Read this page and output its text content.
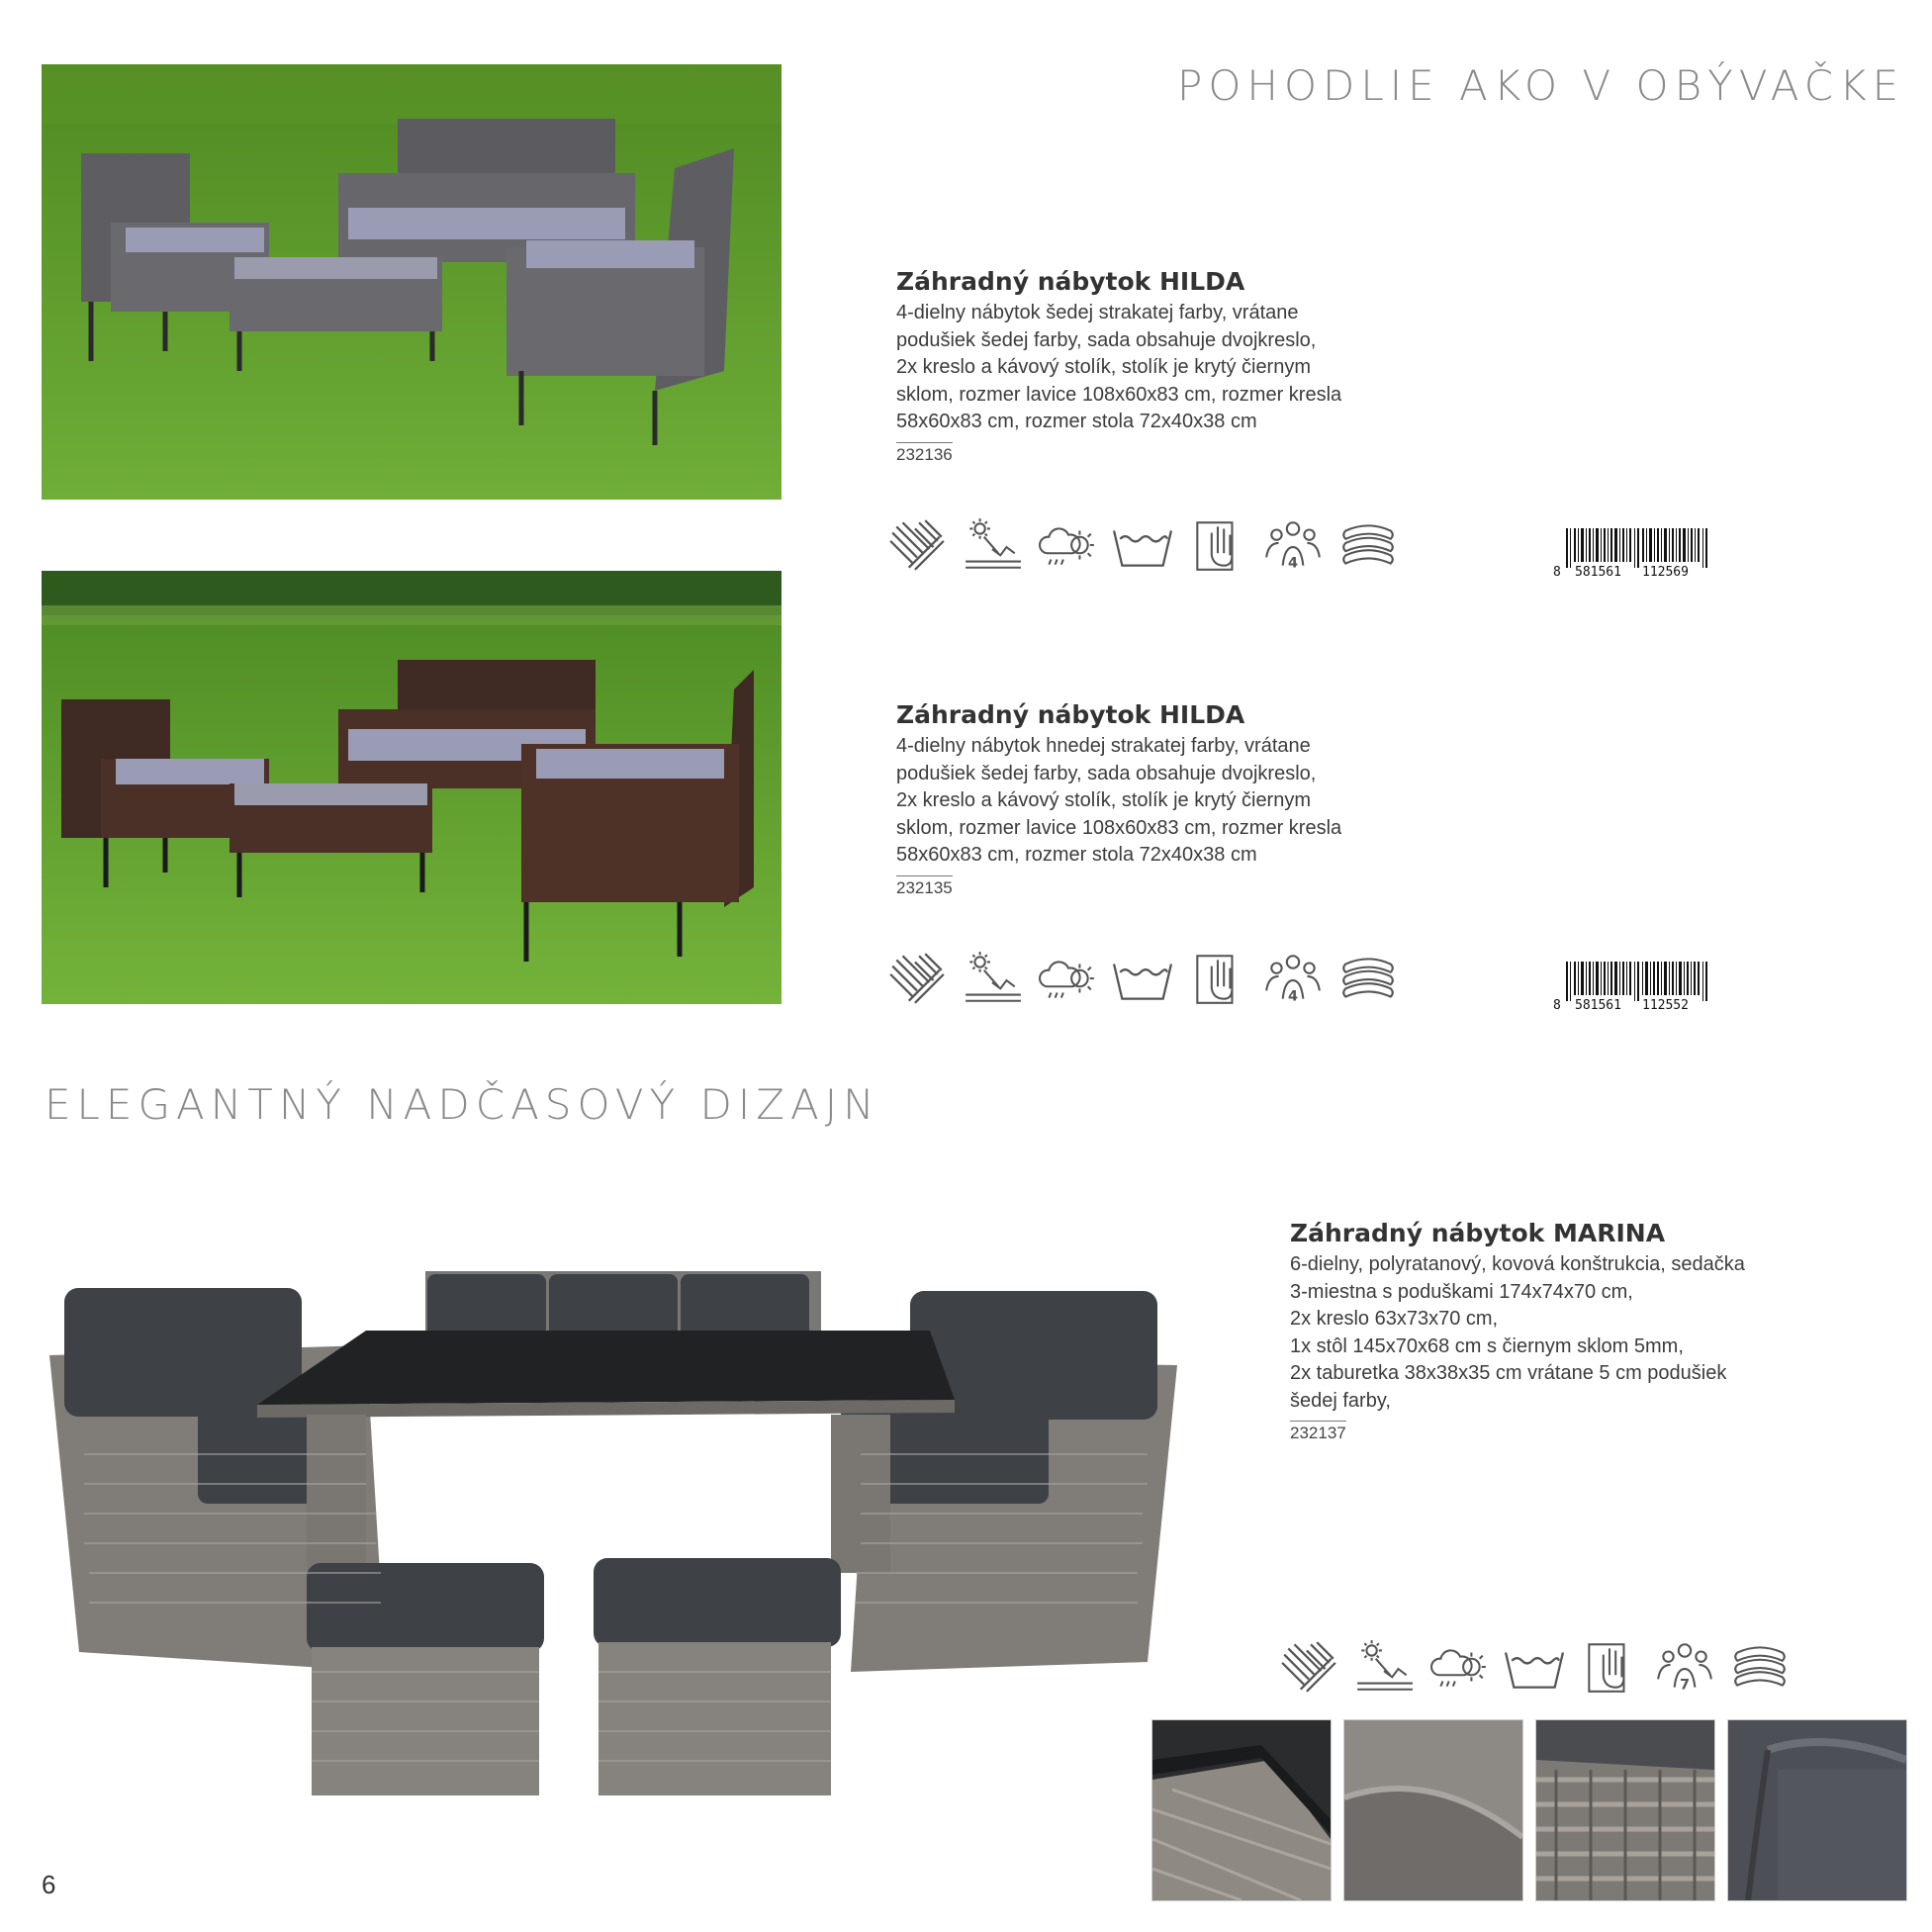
POHODLIE AKO V OBÝVAČKE
Záhradný nábytok HILDA
4-dielny nábytok šedej strakatej farby, vrátane
podušiek šedej farby, sada obsahuje dvojkreslo,
2x kreslo a kávový stolík, stolík je krytý čiernym
sklom, rozmer lavice 108x60x83 cm, rozmer kresla
58x60x83 cm, rozmer stola 72x40x38 cm
232136
4
8 581561 112569
Záhradný nábytok HILDA
4-dielny nábytok hnedej strakatej farby, vrátane
podušiek šedej farby, sada obsahuje dvojkreslo,
2x kreslo a kávový stolík, stolík je krytý čiernym
sklom, rozmer lavice 108x60x83 cm, rozmer kresla
58x60x83 cm, rozmer stola 72x40x38 cm
232135
4
8 581561 112552
ELEGANTNÝ NADČASOVÝ DIZAJN
Záhradný nábytok MARINA
6-dielny, polyratanový, kovová konštrukcia, sedačka
3-miestna s poduškami 174x74x70 cm,
2x kreslo 63x73x70 cm,
1x stôl 145x70x68 cm s čiernym sklom 5mm,
2x taburetka 38x38x35 cm vrátane 5 cm podušiek
šedej farby,
232137
7
6
